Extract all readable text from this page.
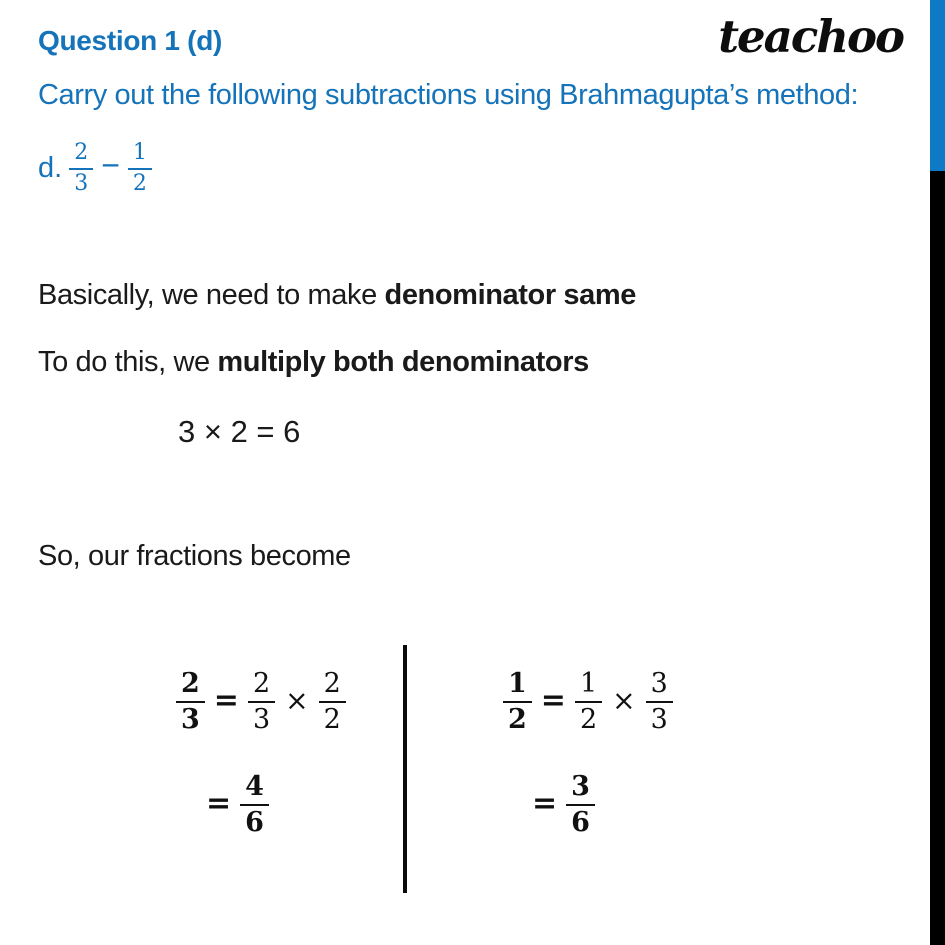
Question 1 (d)	teachoo
Carry out the following subtractions using Brahmagupta’s method:
d. $\frac{2}{3} - \frac{1}{2}$
Basically, we need to make denominator same
To do this, we multiply both denominators
3 × 2 = 6
So, our fractions become
$\frac{2}{3} = \frac{2}{3} \times \frac{2}{2}$
= $\frac{4}{6}$
$\frac{1}{2} = \frac{1}{2} \times \frac{3}{3}$
= $\frac{3}{6}$
